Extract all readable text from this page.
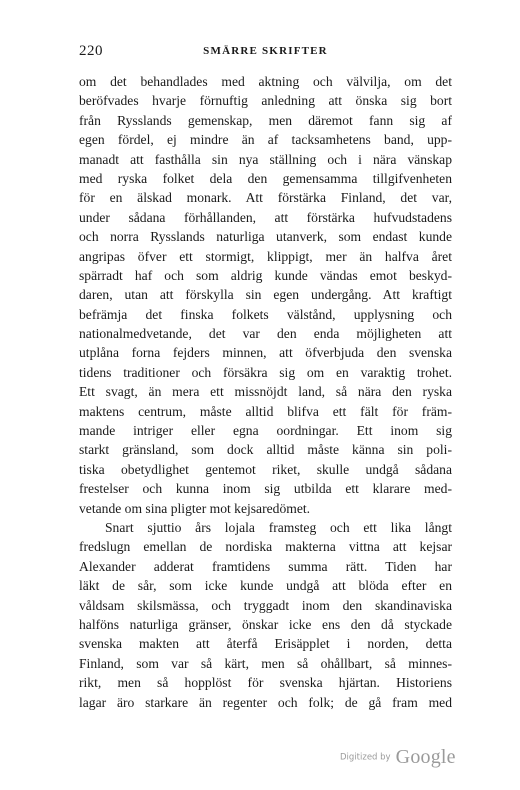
220	SMÄRRE SKRIFTER
om det behandlades med aktning och välvilja, om det
beröfvades hvarje förnuftig anledning att önska sig bort
från Rysslands gemenskap, men däremot fann sig af
egen fördel, ej mindre än af tacksamhetens band, upp-
manadt att fasthålla sin nya ställning och i nära vänskap
med ryska folket dela den gemensamma tillgifvenheten
för en älskad monark. Att förstärka Finland, det var,
under sådana förhållanden, att förstärka hufvudstadens
och norra Rysslands naturliga utanverk, som endast kunde
angripas öfver ett stormigt, klippigt, mer än halfva året
spärradt haf och som aldrig kunde vändas emot beskyd-
daren, utan att förskylla sin egen undergång. Att kraftigt
befrämja det finska folkets välstånd, upplysning och
nationalmedvetande, det var den enda möjligheten att
utplåna forna fejders minnen, att öfverbjuda den svenska
tidens traditioner och försäkra sig om en varaktig trohet.
Ett svagt, än mera ett missnöjdt land, så nära den ryska
maktens centrum, måste alltid blifva ett fält för främ-
mande intriger eller egna oordningar. Ett inom sig
starkt gränsland, som dock alltid måste känna sin poli-
tiska obetydlighet gentemot riket, skulle undgå sådana
frestelser och kunna inom sig utbilda ett klarare med-
vetande om sina pligter mot kejsaredömet.
Snart sjuttio års lojala framsteg och ett lika långt
fredslugn emellan de nordiska makterna vittna att kejsar
Alexander adderat framtidens summa rätt. Tiden har
läkt de sår, som icke kunde undgå att blöda efter en
våldsam skilsmässa, och tryggadt inom den skandinaviska
halföns naturliga gränser, önskar icke ens den då styckade
svenska makten att återfå Erisäpplet i norden, detta
Finland, som var så kärt, men så ohållbart, så minnes-
rikt, men så hopplöst för svenska hjärtan. Historiens
lagar äro starkare än regenter och folk; de gå fram med
Digitized by Google
